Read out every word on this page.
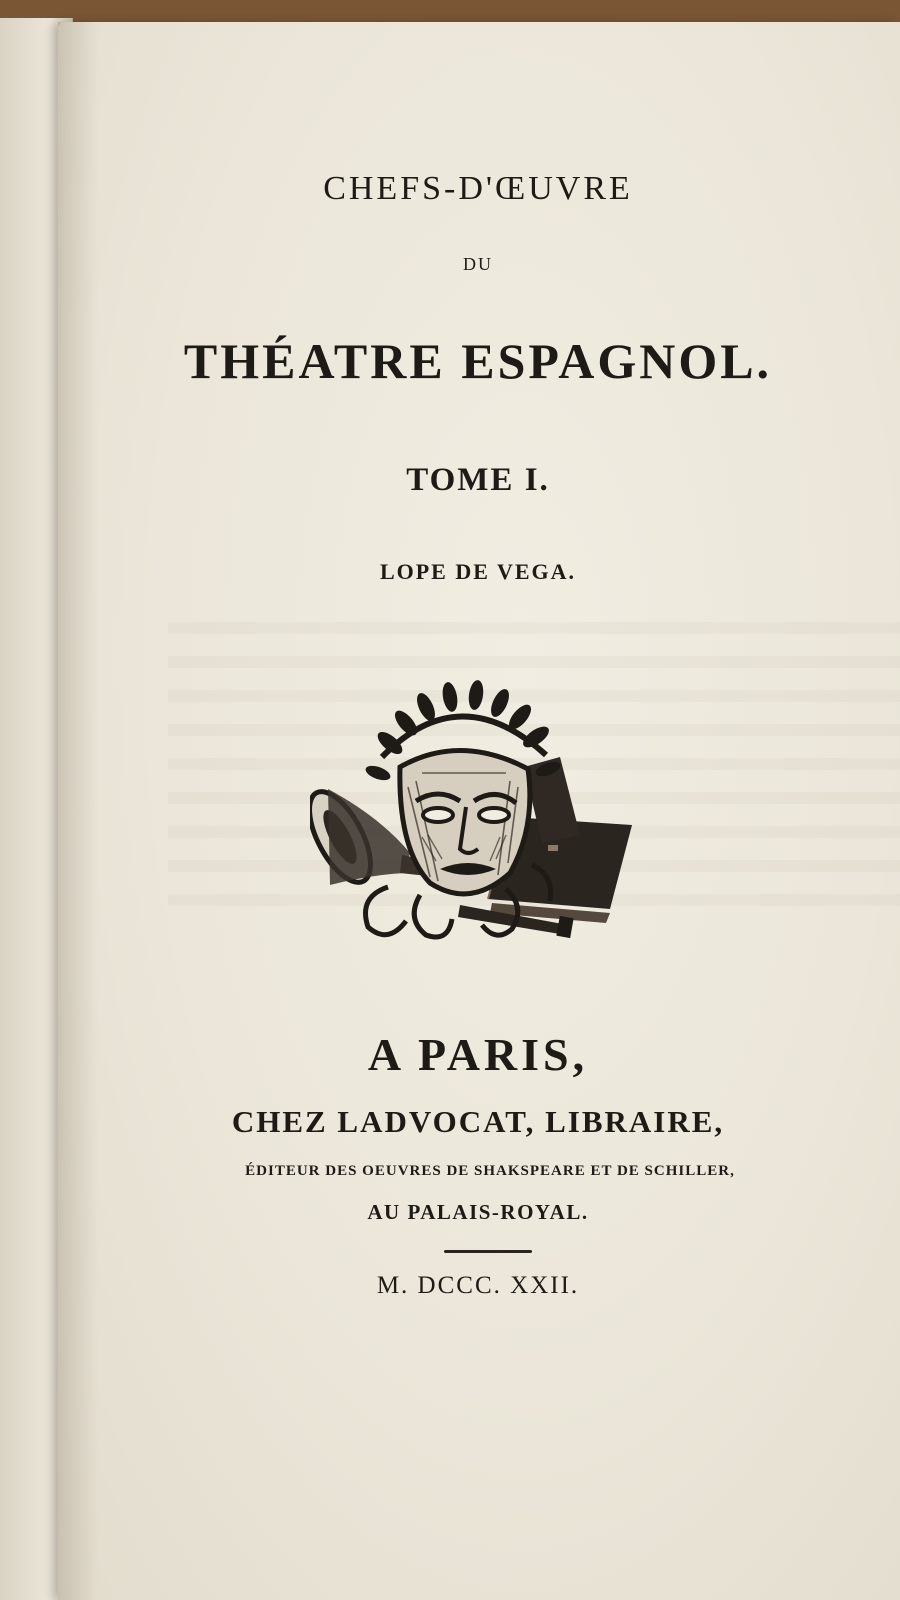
CHEFS-D'ŒUVRE
DU
THÉATRE ESPAGNOL.
TOME I.
LOPE DE VEGA.
A PARIS,
CHEZ LADVOCAT, LIBRAIRE,
ÉDITEUR DES OEUVRES DE SHAKSPEARE ET DE SCHILLER,
AU PALAIS-ROYAL.
M. DCCC. XXII.
